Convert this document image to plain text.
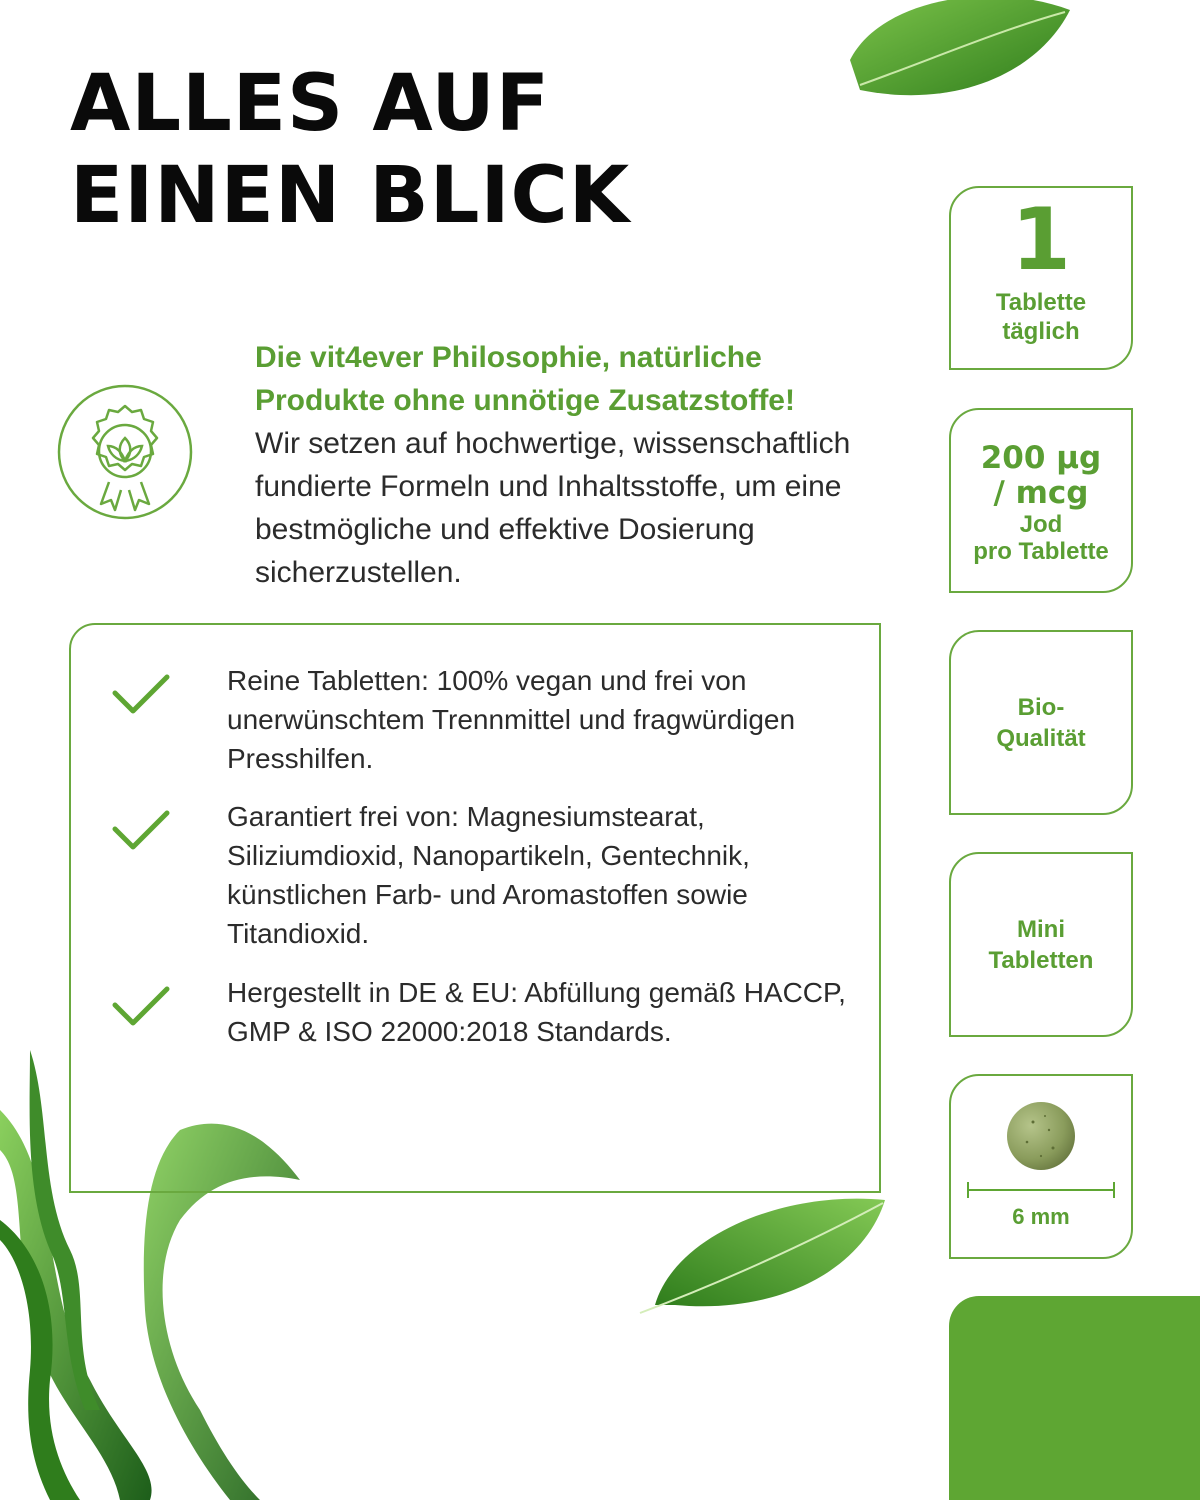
ALLES AUF
EINEN BLICK
Die vit4ever Philosophie, natürliche Produkte ohne unnötige Zusatzstoffe!
Wir setzen auf hochwertige, wissenschaftlich fundierte Formeln und Inhaltsstoffe, um eine bestmögliche und effektive Dosierung sicherzustellen.
Reine Tabletten: 100% vegan und frei von unerwünschtem Trennmittel und fragwürdigen Presshilfen.
Garantiert frei von: Magnesiumstearat, Siliziumdioxid, Nanopartikeln, Gentechnik, künstlichen Farb- und Aromastoffen sowie Titandioxid.
Hergestellt in DE & EU: Abfüllung gemäß HACCP, GMP & ISO 22000:2018 Standards.
1
Tablette
täglich
200 µg
/ mcg
Jod
pro Tablette
Bio-
Qualität
Mini
Tabletten
6 mm
